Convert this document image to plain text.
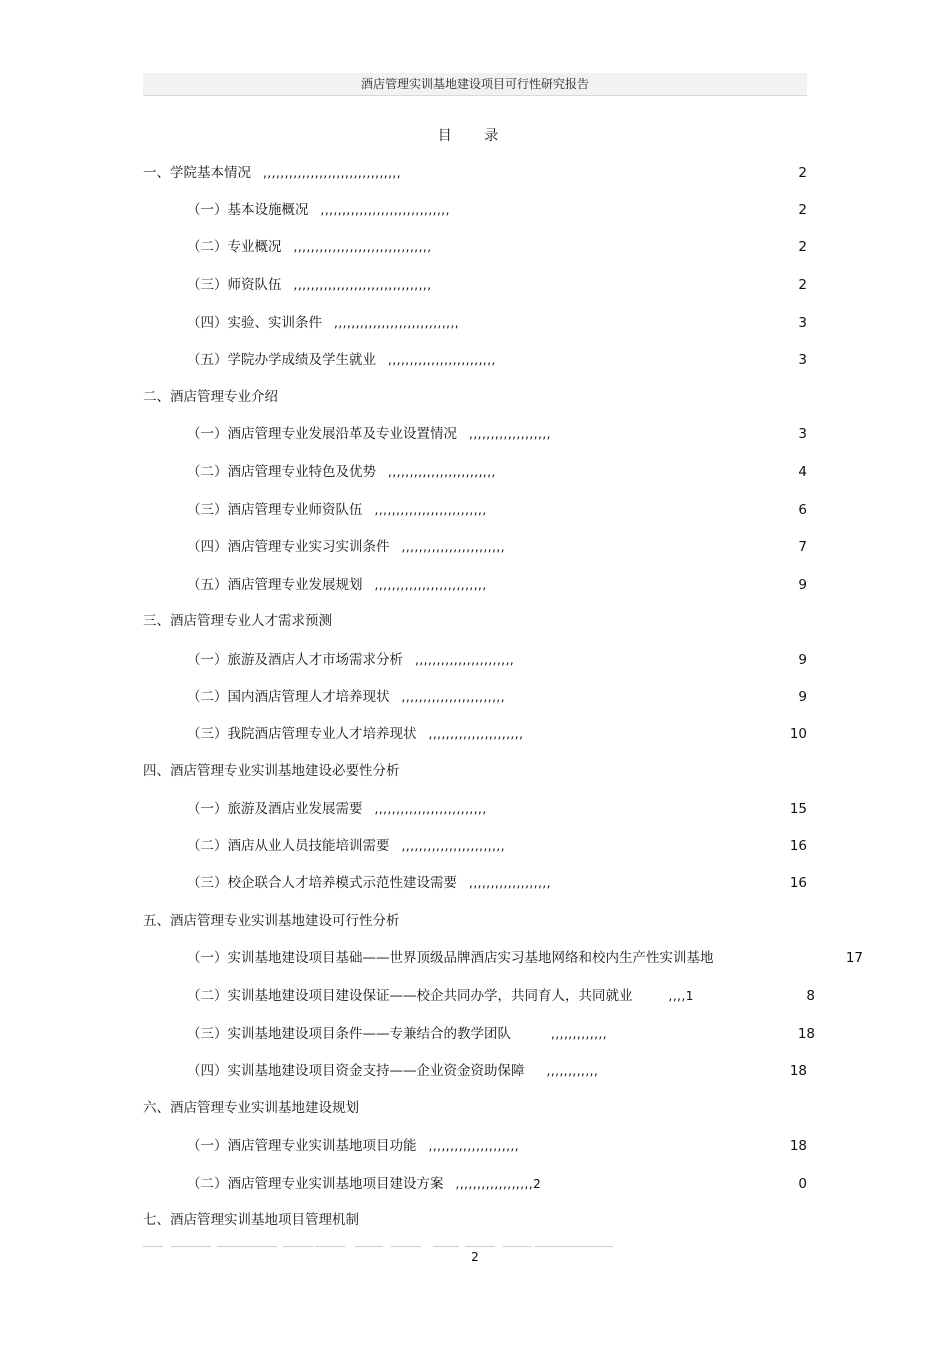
酒店管理实训基地建设项目可行性研究报告
目 录
一、学院基本情况 ,,,,,,,,,,,,,,,,,,,,,,,,,,,,,,,,	2
（一）基本设施概况 ,,,,,,,,,,,,,,,,,,,,,,,,,,,,,,	2
（二）专业概况 ,,,,,,,,,,,,,,,,,,,,,,,,,,,,,,,,	2
（三）师资队伍 ,,,,,,,,,,,,,,,,,,,,,,,,,,,,,,,,	2
（四）实验、实训条件 ,,,,,,,,,,,,,,,,,,,,,,,,,,,,,	3
（五）学院办学成绩及学生就业 ,,,,,,,,,,,,,,,,,,,,,,,,,	3
二、酒店管理专业介绍
（一）酒店管理专业发展沿革及专业设置情况 ,,,,,,,,,,,,,,,,,,,	3
（二）酒店管理专业特色及优势 ,,,,,,,,,,,,,,,,,,,,,,,,,	4
（三）酒店管理专业师资队伍 ,,,,,,,,,,,,,,,,,,,,,,,,,,	6
（四）酒店管理专业实习实训条件 ,,,,,,,,,,,,,,,,,,,,,,,,	7
（五）酒店管理专业发展规划 ,,,,,,,,,,,,,,,,,,,,,,,,,,	9
三、酒店管理专业人才需求预测
（一）旅游及酒店人才市场需求分析 ,,,,,,,,,,,,,,,,,,,,,,,	9
（二）国内酒店管理人才培养现状 ,,,,,,,,,,,,,,,,,,,,,,,,	9
（三）我院酒店管理专业人才培养现状 ,,,,,,,,,,,,,,,,,,,,,,	10
四、酒店管理专业实训基地建设必要性分析
（一）旅游及酒店业发展需要 ,,,,,,,,,,,,,,,,,,,,,,,,,,	15
（二）酒店从业人员技能培训需要 ,,,,,,,,,,,,,,,,,,,,,,,,	16
（三）校企联合人才培养模式示范性建设需要 ,,,,,,,,,,,,,,,,,,,	16
五、酒店管理专业实训基地建设可行性分析
（一）实训基地建设项目基础——世界顶级品牌酒店实习基地网络和校内生产性实训基地	17
（二）实训基地建设项目建设保证——校企共同办学，共同育人，共同就业	,,,,1	8
（三）实训基地建设项目条件——专兼结合的教学团队	,,,,,,,,,,,,,	18
（四）实训基地建设项目资金支持——企业资金资助保障 ,,,,,,,,,,,,	18
六、酒店管理专业实训基地建设规划
（一）酒店管理专业实训基地项目功能 ,,,,,,,,,,,,,,,,,,,,,	18
（二）酒店管理专业实训基地项目建设方案 ,,,,,,,,,,,,,,,,,,2	0
七、酒店管理实训基地项目管理机制
2
